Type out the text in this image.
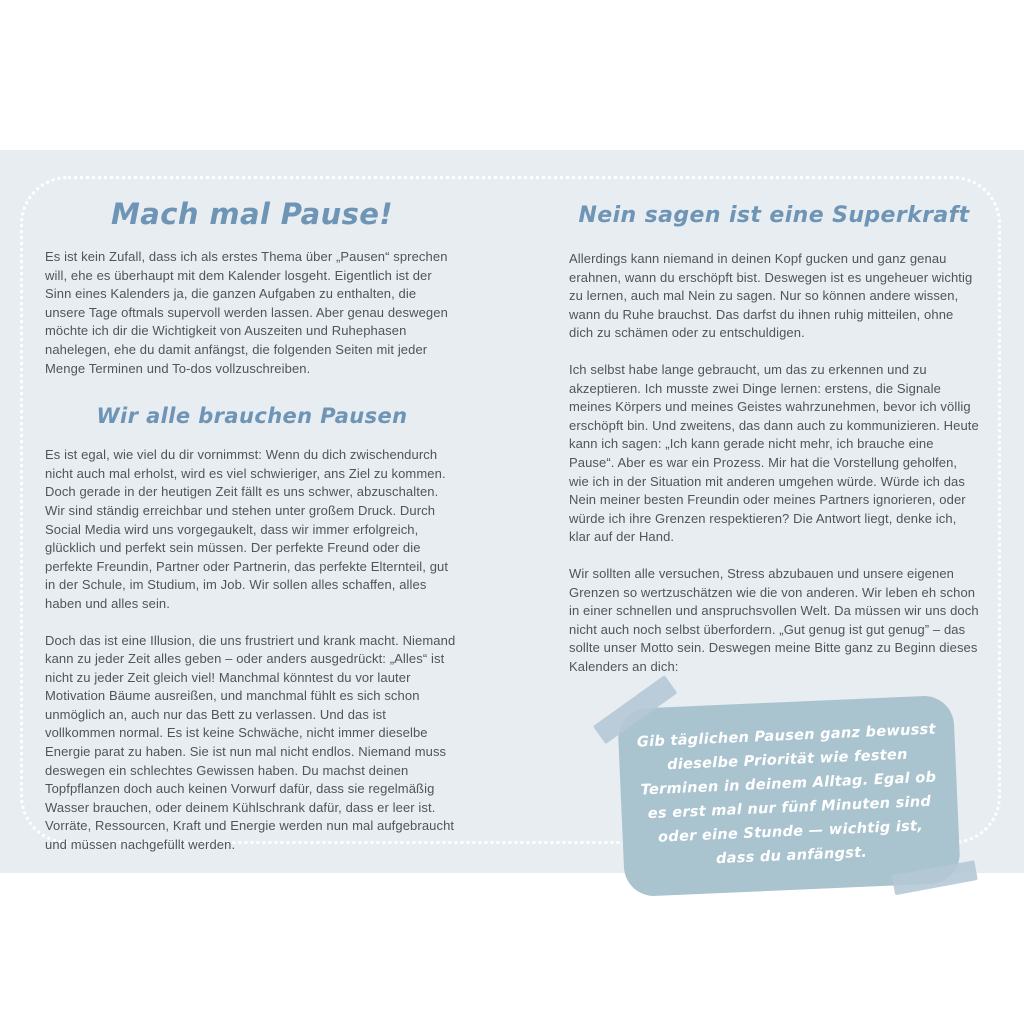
Mach mal Pause!

Es ist kein Zufall, dass ich als erstes Thema über „Pausen“ sprechen will, ehe es überhaupt mit dem Kalender losgeht. Eigentlich ist der Sinn eines Kalenders ja, die ganzen Aufgaben zu enthalten, die unsere Tage oftmals supervoll werden lassen. Aber genau deswegen möchte ich dir die Wichtigkeit von Auszeiten und Ruhephasen nahelegen, ehe du damit anfängst, die folgenden Seiten mit jeder Menge Terminen und To-dos vollzuschreiben.

Wir alle brauchen Pausen

Es ist egal, wie viel du dir vornimmst: Wenn du dich zwischendurch nicht auch mal erholst, wird es viel schwieriger, ans Ziel zu kommen. Doch gerade in der heutigen Zeit fällt es uns schwer, abzuschalten. Wir sind ständig erreichbar und stehen unter großem Druck. Durch Social Media wird uns vorgegaukelt, dass wir immer erfolgreich, glücklich und perfekt sein müssen. Der perfekte Freund oder die perfekte Freundin, Partner oder Partnerin, das perfekte Elternteil, gut in der Schule, im Studium, im Job. Wir sollen alles schaffen, alles haben und alles sein.

Doch das ist eine Illusion, die uns frustriert und krank macht. Niemand kann zu jeder Zeit alles geben – oder anders ausgedrückt: „Alles“ ist nicht zu jeder Zeit gleich viel! Manchmal könntest du vor lauter Motivation Bäume ausreißen, und manchmal fühlt es sich schon unmöglich an, auch nur das Bett zu verlassen. Und das ist vollkommen normal. Es ist keine Schwäche, nicht immer dieselbe Energie parat zu haben. Sie ist nun mal nicht endlos. Niemand muss deswegen ein schlechtes Gewissen haben. Du machst deinen Topfpflanzen doch auch keinen Vorwurf dafür, dass sie regelmäßig Wasser brauchen, oder deinem Kühlschrank dafür, dass er leer ist. Vorräte, Ressourcen, Kraft und Energie werden nun mal aufgebraucht und müssen nachgefüllt werden.

Nein sagen ist eine Superkraft

Allerdings kann niemand in deinen Kopf gucken und ganz genau erahnen, wann du erschöpft bist. Deswegen ist es ungeheuer wichtig zu lernen, auch mal Nein zu sagen. Nur so können andere wissen, wann du Ruhe brauchst. Das darfst du ihnen ruhig mitteilen, ohne dich zu schämen oder zu entschuldigen.

Ich selbst habe lange gebraucht, um das zu erkennen und zu akzeptieren. Ich musste zwei Dinge lernen: erstens, die Signale meines Körpers und meines Geistes wahrzunehmen, bevor ich völlig erschöpft bin. Und zweitens, das dann auch zu kommunizieren. Heute kann ich sagen: „Ich kann gerade nicht mehr, ich brauche eine Pause“. Aber es war ein Prozess. Mir hat die Vorstellung geholfen, wie ich in der Situation mit anderen umgehen würde. Würde ich das Nein meiner besten Freundin oder meines Partners ignorieren, oder würde ich ihre Grenzen respektieren? Die Antwort liegt, denke ich, klar auf der Hand.

Wir sollten alle versuchen, Stress abzubauen und unsere eigenen Grenzen so wertzuschätzen wie die von anderen. Wir leben eh schon in einer schnellen und anspruchsvollen Welt. Da müssen wir uns doch nicht auch noch selbst überfordern. „Gut genug ist gut genug” – das sollte unser Motto sein. Deswegen meine Bitte ganz zu Beginn dieses Kalenders an dich:

Gib täglichen Pausen ganz bewusst dieselbe Priorität wie festen Terminen in deinem Alltag. Egal ob es erst mal nur fünf Minuten sind oder eine Stunde — wichtig ist, dass du anfängst.
